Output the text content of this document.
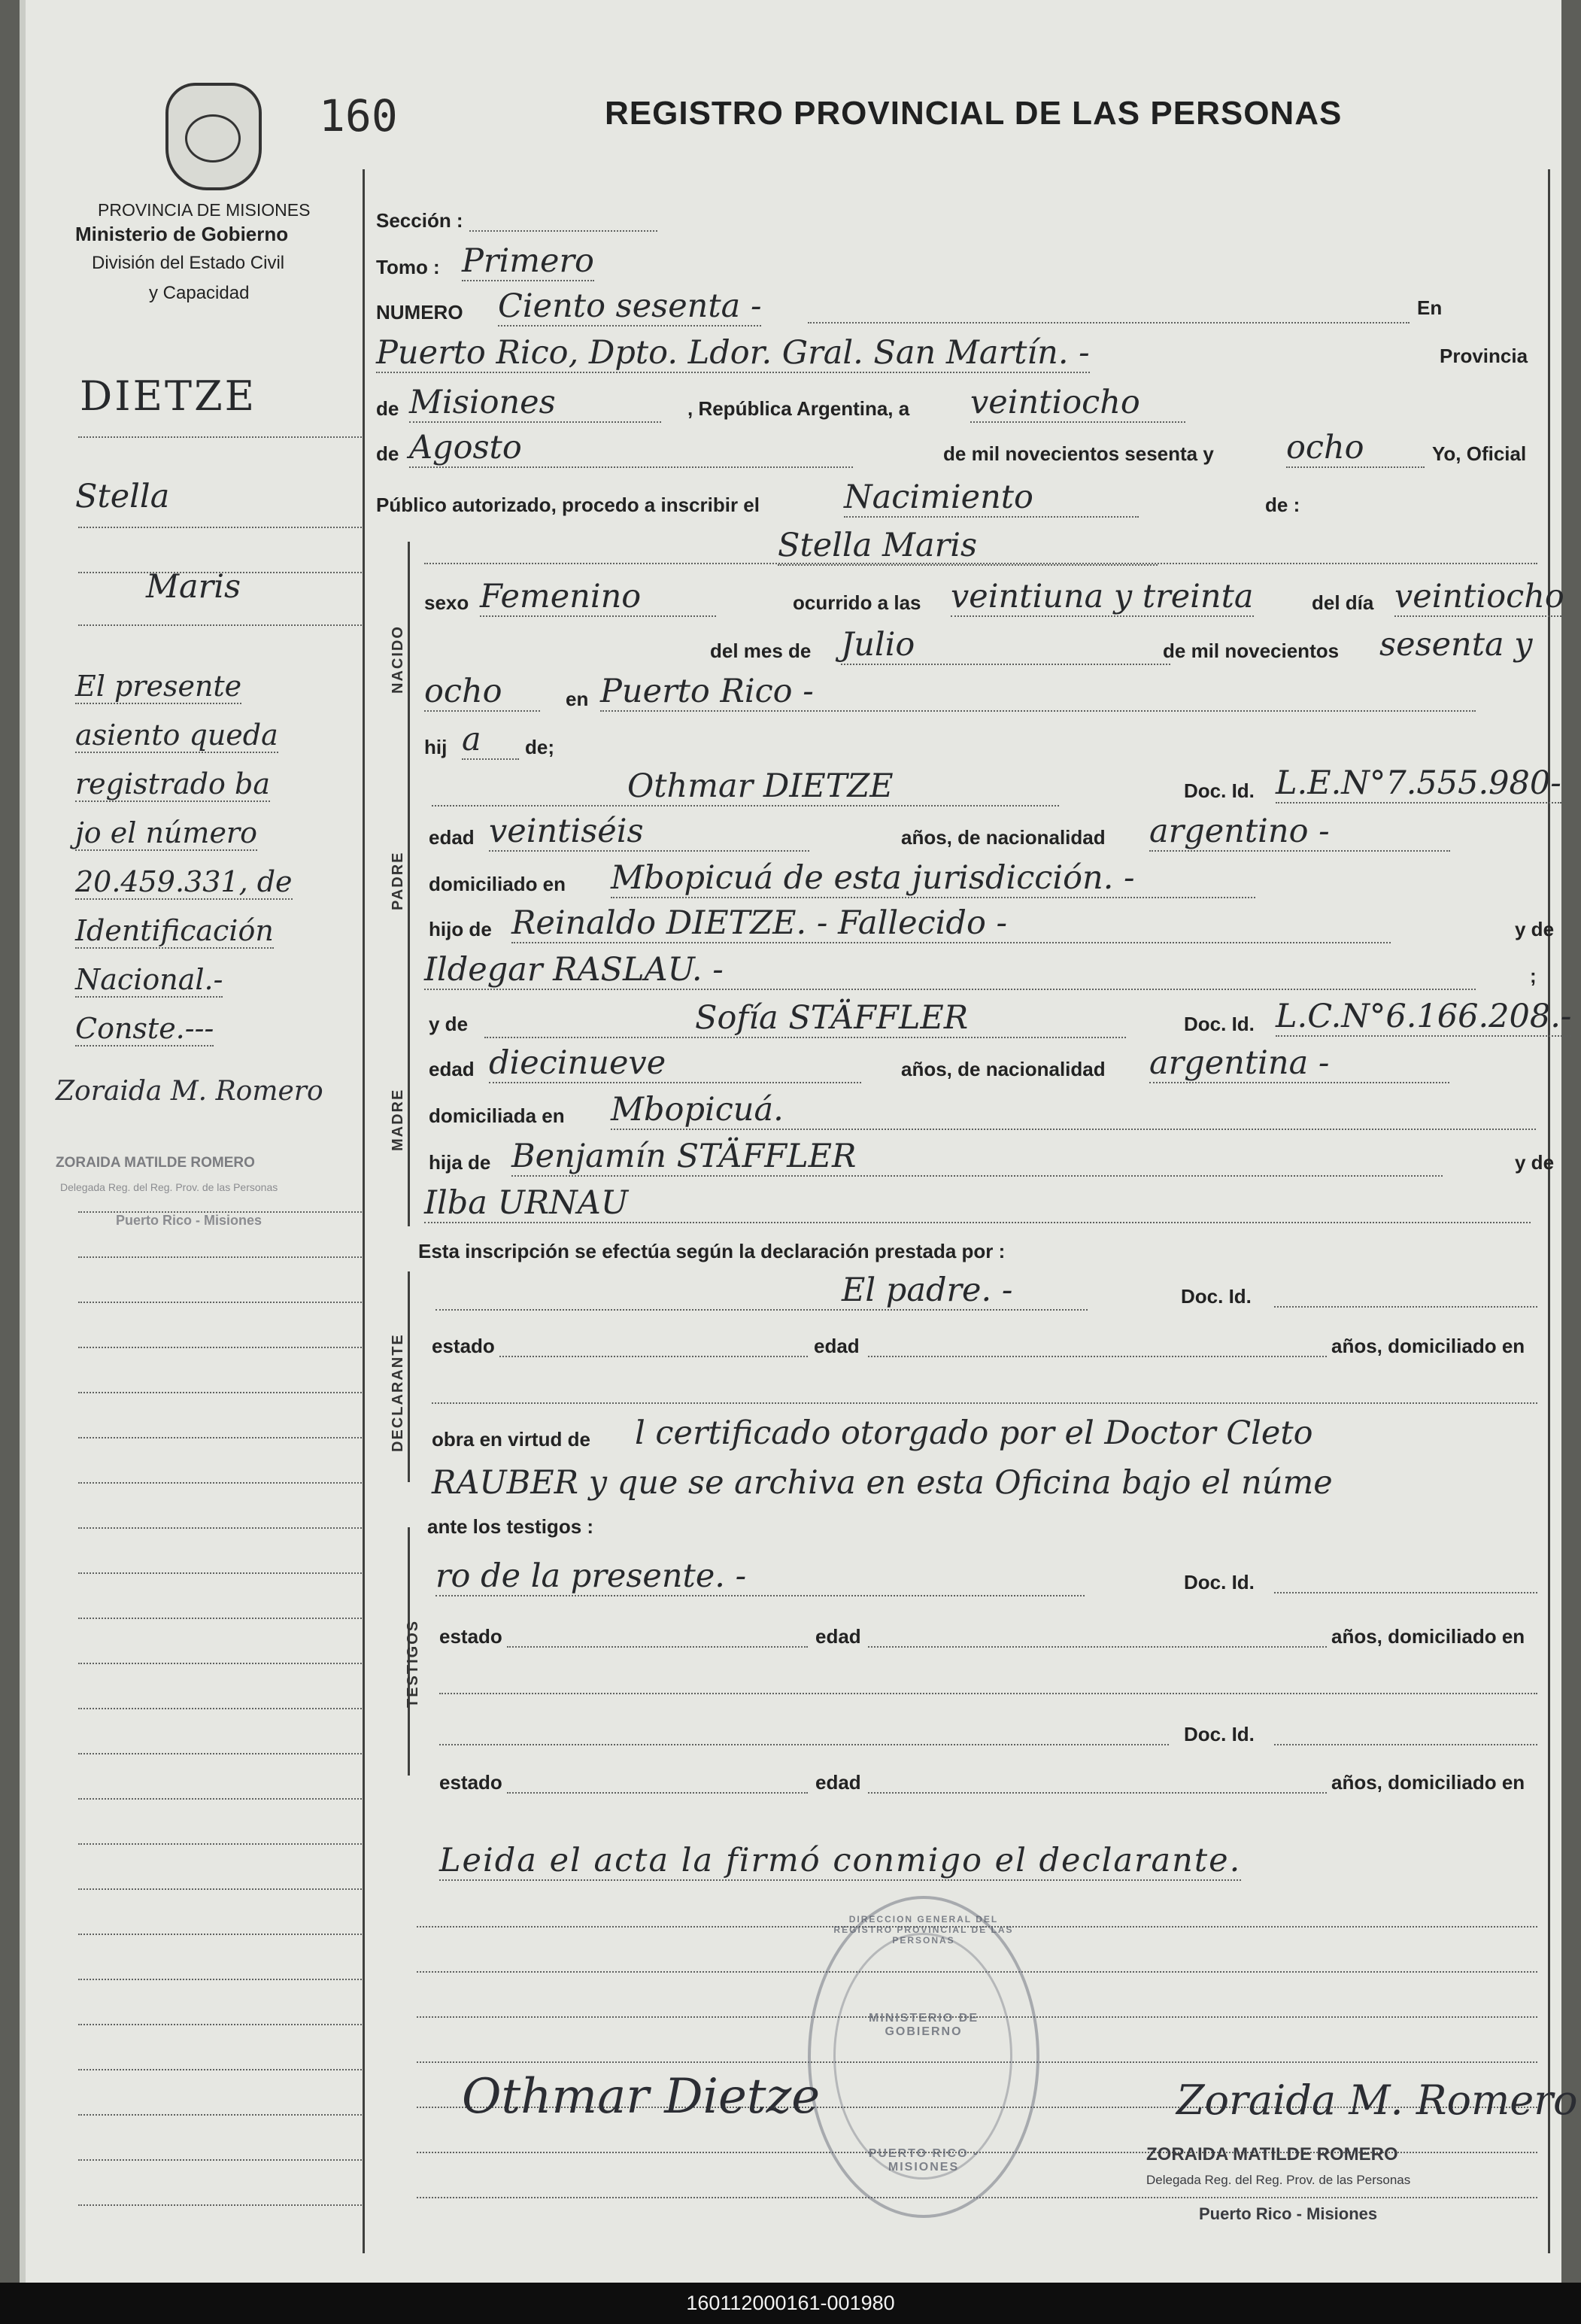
160	REGISTRO PROVINCIAL DE LAS PERSONAS
PROVINCIA DE MISIONES
Ministerio de Gobierno
División del Estado Civil
y Capacidad
DIETZE
Stella
Maris
El presente
asiento queda
registrado ba
jo el número
20.459.331, de
Identificación
Nacional.-
Conste.---
Zoraida M. Romero
ZORAIDA MATILDE ROMERO
Delegada Reg. del Reg. Prov. de las Personas
Puerto Rico - Misiones
NACIDO
PADRE
MADRE
DECLARANTE
TESTIGOS
Sección :
Tomo : Primero
NUMERO Ciento sesenta -	En
Puerto Rico, Dpto. Ldor. Gral. San Martín. -	Provincia
de Misiones	, República Argentina, a veintiocho
de Agosto	de mil novecientos sesenta y ocho	Yo, Oficial
Público autorizado, procedo a inscribir el	Nacimiento	de :
Stella Maris
sexo Femenino	ocurrido a las veintiuna y treinta	del día veintiocho
del mes de Julio	de mil novecientos sesenta y
ocho	en Puerto Rico -
hij a	de;
Othmar DIETZE	Doc. Id. L.E.N°7.555.980-
edad veintiséis	años, de nacionalidad argentino -
domiciliado en Mbopicuá de esta jurisdicción. -
hijo de Reinaldo DIETZE. - Fallecido -	y de
Ildegar RASLAU. -	;
y de	Sofía STÄFFLER	Doc. Id. L.C.N°6.166.208.-
edad diecinueve	años, de nacionalidad argentina -
domiciliada en Mbopicuá.
hija de Benjamín STÄFFLER	y de
Ilba URNAU
Esta inscripción se efectúa según la declaración prestada por :
El padre. -	Doc. Id.
estado	edad	años, domiciliado en
obra en virtud de l certificado otorgado por el Doctor Cleto
RAUBER y que se archiva en esta Oficina bajo el núme
ante los testigos :
ro de la presente. -	Doc. Id.
estado	edad	años, domiciliado en
Doc. Id.
estado	edad	años, domiciliado en
Leida el acta la firmó conmigo el declarante.
DIRECCION GENERAL DEL REGISTRO PROVINCIAL DE LAS PERSONAS
MINISTERIO DE GOBIERNO
PUERTO RICO - MISIONES
Othmar Dietze	Zoraida M. Romero
ZORAIDA MATILDE ROMERO
Delegada Reg. del Reg. Prov. de las Personas
Puerto Rico - Misiones
160112000161-001980
